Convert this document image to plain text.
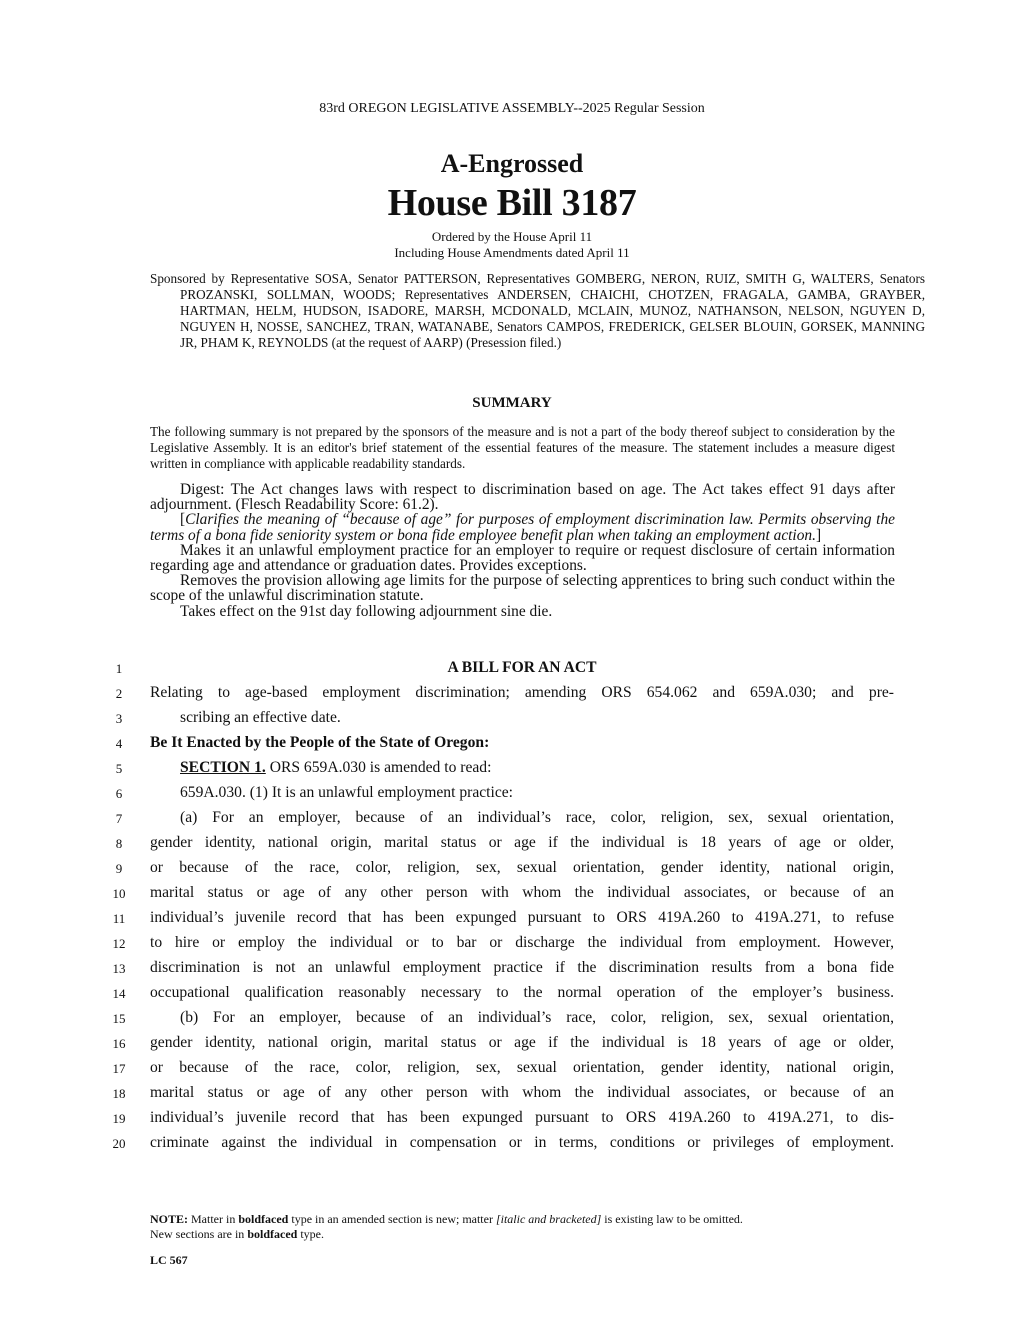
83rd OREGON LEGISLATIVE ASSEMBLY--2025 Regular Session
A-Engrossed
House Bill 3187
Ordered by the House April 11
Including House Amendments dated April 11
Sponsored by Representative SOSA, Senator PATTERSON, Representatives GOMBERG, NERON, RUIZ, SMITH G, WALTERS, Senators PROZANSKI, SOLLMAN, WOODS; Representatives ANDERSEN, CHAICHI, CHOTZEN, FRAGALA, GAMBA, GRAYBER, HARTMAN, HELM, HUDSON, ISADORE, MARSH, MCDONALD, MCLAIN, MUNOZ, NATHANSON, NELSON, NGUYEN D, NGUYEN H, NOSSE, SANCHEZ, TRAN, WATANABE, Senators CAMPOS, FREDERICK, GELSER BLOUIN, GORSEK, MANNING JR, PHAM K, REYNOLDS (at the request of AARP) (Presession filed.)
SUMMARY
The following summary is not prepared by the sponsors of the measure and is not a part of the body thereof subject to consideration by the Legislative Assembly. It is an editor's brief statement of the essential features of the measure. The statement includes a measure digest written in compliance with applicable readability standards.

Digest: The Act changes laws with respect to discrimination based on age. The Act takes effect 91 days after adjournment. (Flesch Readability Score: 61.2).

[Clarifies the meaning of “because of age” for purposes of employment discrimination law. Permits observing the terms of a bona fide seniority system or bona fide employee benefit plan when taking an employment action.]

Makes it an unlawful employment practice for an employer to require or request disclosure of certain information regarding age and attendance or graduation dates. Provides exceptions.

Removes the provision allowing age limits for the purpose of selecting apprentices to bring such conduct within the scope of the unlawful discrimination statute.

Takes effect on the 91st day following adjournment sine die.

1
2
3
4
5
6
7
8
9
10
11
12
13
14
15
16
17
18
19
20
A BILL FOR AN ACT
Relating to age-based employment discrimination; amending ORS 654.062 and 659A.030; and pre-
scribing an effective date.
Be It Enacted by the People of the State of Oregon:
SECTION 1. ORS 659A.030 is amended to read:
659A.030. (1) It is an unlawful employment practice:
(a) For an employer, because of an individual’s race, color, religion, sex, sexual orientation,
gender identity, national origin, marital status or age if the individual is 18 years of age or older,
or because of the race, color, religion, sex, sexual orientation, gender identity, national origin,
marital status or age of any other person with whom the individual associates, or because of an
individual’s juvenile record that has been expunged pursuant to ORS 419A.260 to 419A.271, to refuse
to hire or employ the individual or to bar or discharge the individual from employment. However,
discrimination is not an unlawful employment practice if the discrimination results from a bona fide
occupational qualification reasonably necessary to the normal operation of the employer’s business.
(b) For an employer, because of an individual’s race, color, religion, sex, sexual orientation,
gender identity, national origin, marital status or age if the individual is 18 years of age or older,
or because of the race, color, religion, sex, sexual orientation, gender identity, national origin,
marital status or age of any other person with whom the individual associates, or because of an
individual’s juvenile record that has been expunged pursuant to ORS 419A.260 to 419A.271, to dis-
criminate against the individual in compensation or in terms, conditions or privileges of employment.
NOTE: Matter in boldfaced type in an amended section is new; matter [italic and bracketed] is existing law to be omitted.
New sections are in boldfaced type.
LC 567
